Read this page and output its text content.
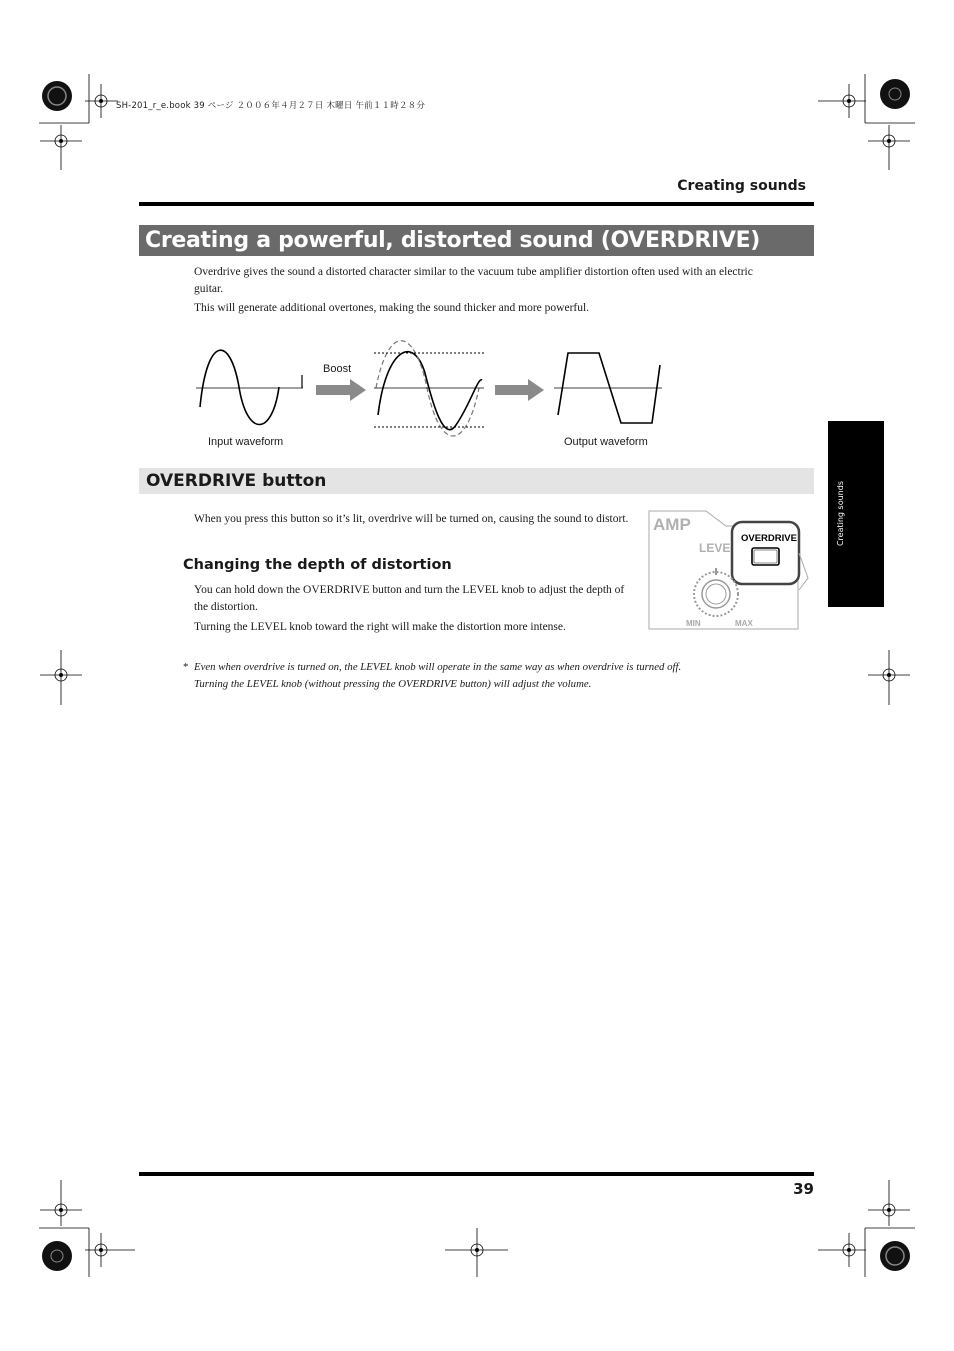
SH-201_r_e.book 39 ページ ２００６年４月２７日 木曜日 午前１１時２８分
Creating sounds
Creating a powerful, distorted sound (OVERDRIVE)
Overdrive gives the sound a distorted character similar to the vacuum tube amplifier distortion often used with an electric guitar.
This will generate additional overtones, making the sound thicker and more powerful.
Boost
Input waveform	Output waveform
OVERDRIVE button
When you press this button so it’s lit, overdrive will be turned on, causing the sound to distort.
Changing the depth of distortion
You can hold down the OVERDRIVE button and turn the LEVEL knob to adjust the depth of the distortion.
Turning the LEVEL knob toward the right will make the distortion more intense.
AMP
LEVE
OVERDRIVE
MIN	MAX
* Even when overdrive is turned on, the LEVEL knob will operate in the same way as when overdrive is turned off.
Turning the LEVEL knob (without pressing the OVERDRIVE button) will adjust the volume.
Creating sounds
39
